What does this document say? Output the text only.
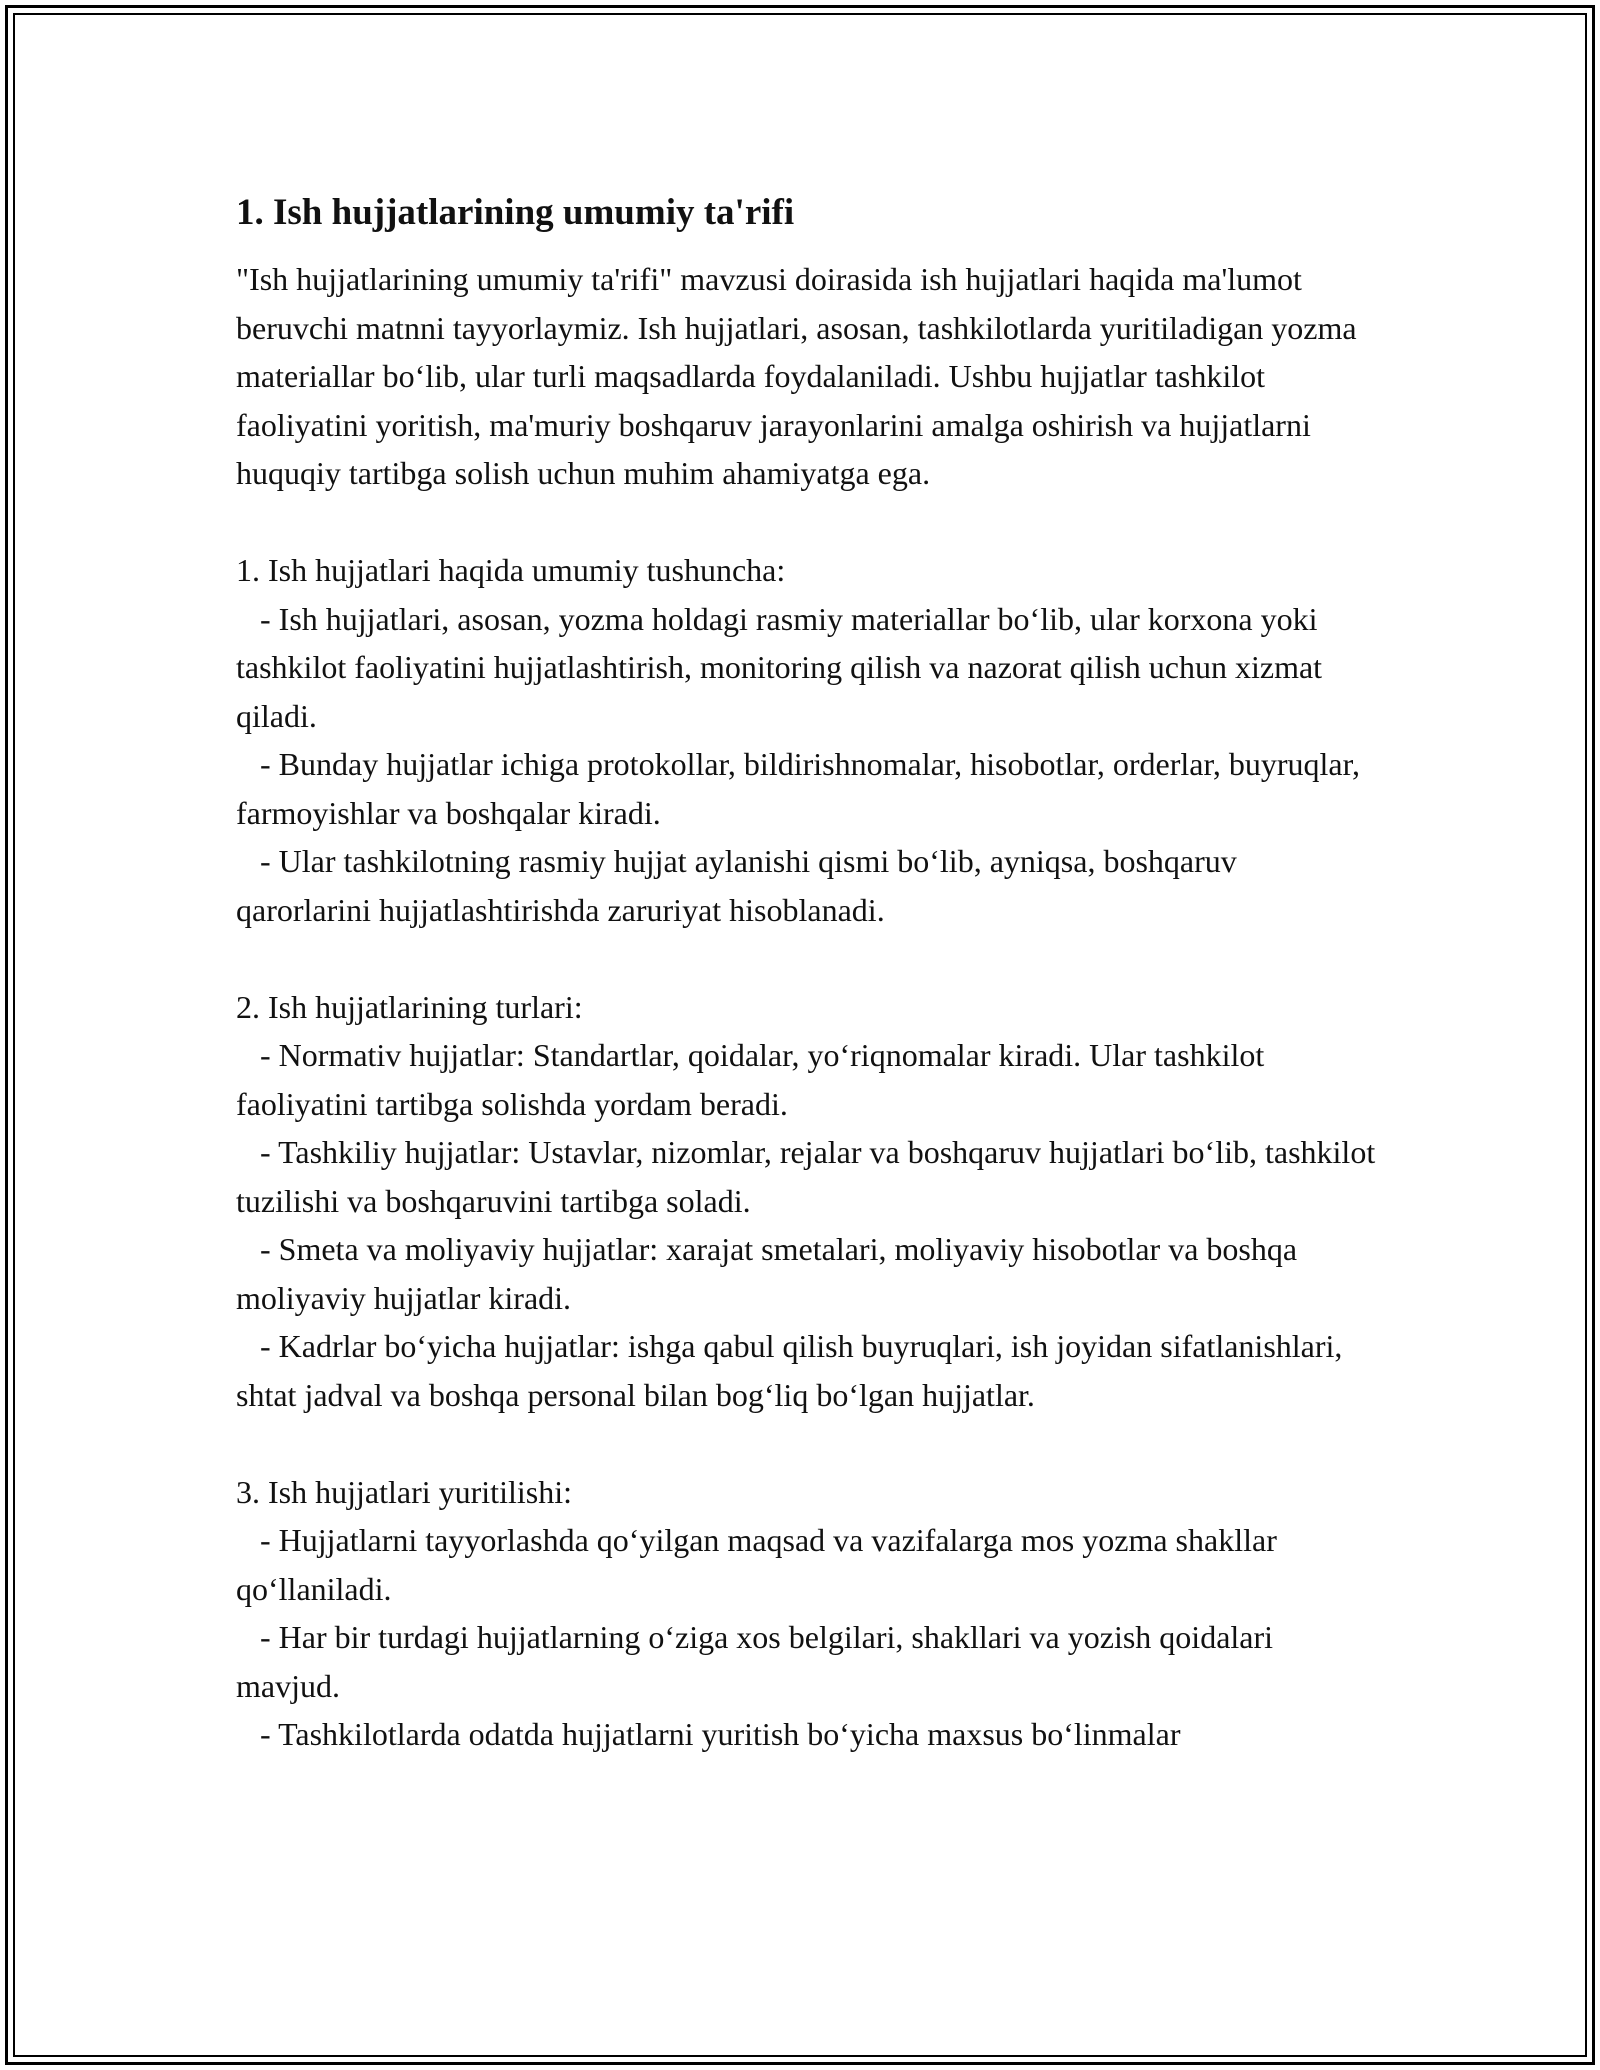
1. Ish hujjatlarining umumiy ta'rifi

"Ish hujjatlarining umumiy ta'rifi" mavzusi doirasida ish hujjatlari haqida ma'lumot beruvchi matnni tayyorlaymiz. Ish hujjatlari, asosan, tashkilotlarda yuritiladigan yozma materiallar bo‘lib, ular turli maqsadlarda foydalaniladi. Ushbu hujjatlar tashkilot faoliyatini yoritish, ma'muriy boshqaruv jarayonlarini amalga oshirish va hujjatlarni huquqiy tartibga solish uchun muhim ahamiyatga ega.

1. Ish hujjatlari haqida umumiy tushuncha:

- Ish hujjatlari, asosan, yozma holdagi rasmiy materiallar bo‘lib, ular korxona yoki tashkilot faoliyatini hujjatlashtirish, monitoring qilish va nazorat qilish uchun xizmat qiladi.

- Bunday hujjatlar ichiga protokollar, bildirishnomalar, hisobotlar, orderlar, buyruqlar, farmoyishlar va boshqalar kiradi.

- Ular tashkilotning rasmiy hujjat aylanishi qismi bo‘lib, ayniqsa, boshqaruv qarorlarini hujjatlashtirishda zaruriyat hisoblanadi.

2. Ish hujjatlarining turlari:

- Normativ hujjatlar: Standartlar, qoidalar, yo‘riqnomalar kiradi. Ular tashkilot faoliyatini tartibga solishda yordam beradi.

- Tashkiliy hujjatlar: Ustavlar, nizomlar, rejalar va boshqaruv hujjatlari bo‘lib, tashkilot tuzilishi va boshqaruvini tartibga soladi.

- Smeta va moliyaviy hujjatlar: xarajat smetalari, moliyaviy hisobotlar va boshqa moliyaviy hujjatlar kiradi.

- Kadrlar bo‘yicha hujjatlar: ishga qabul qilish buyruqlari, ish joyidan sifatlanishlari, shtat jadval va boshqa personal bilan bog‘liq bo‘lgan hujjatlar.

3. Ish hujjatlari yuritilishi:

- Hujjatlarni tayyorlashda qo‘yilgan maqsad va vazifalarga mos yozma shakllar qo‘llaniladi.

- Har bir turdagi hujjatlarning o‘ziga xos belgilari, shakllari va yozish qoidalari mavjud.

- Tashkilotlarda odatda hujjatlarni yuritish bo‘yicha maxsus bo‘linmalar
